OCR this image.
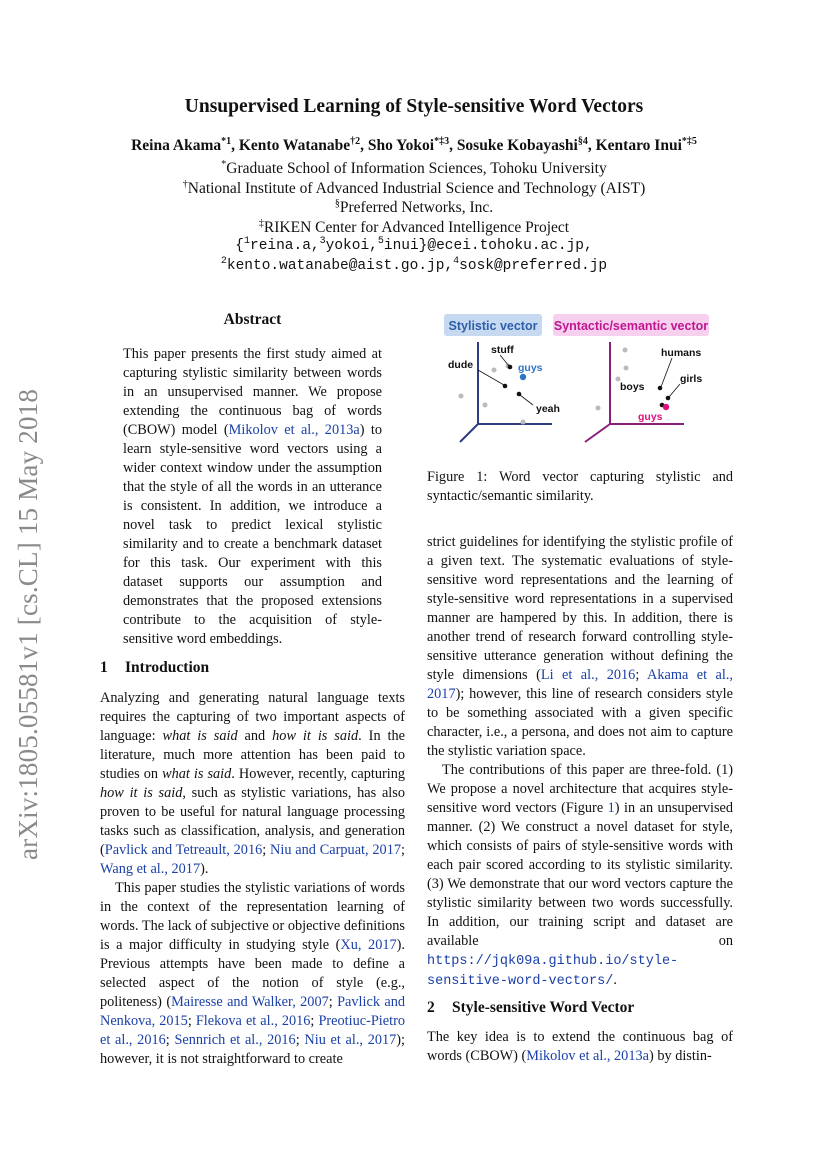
arXiv:1805.05581v1 [cs.CL] 15 May 2018
Unsupervised Learning of Style-sensitive Word Vectors
Reina Akama$^{*1}$, Kento Watanabe$^{\dagger 2}$, Sho Yokoi$^{*\ddagger 3}$, Sosuke Kobayashi$^{\S 4}$, Kentaro Inui$^{*\ddagger 5}$
*Graduate School of Information Sciences, Tohoku University
†National Institute of Advanced Industrial Science and Technology (AIST)
§Preferred Networks, Inc.
‡RIKEN Center for Advanced Intelligence Project
{$^1$reina.a,$^3$yokoi,$^5$inui}@ecei.tohoku.ac.jp,
$^2$kento.watanabe@aist.go.jp,$^4$sosk@preferred.jp
Abstract

This paper presents the first study aimed at capturing stylistic similarity between words in an unsupervised manner. We propose extending the continuous bag of words (CBOW) model (Mikolov et al., 2013a) to learn style-sensitive word vectors using a wider context window under the assumption that the style of all the words in an utterance is consistent. In addition, we introduce a novel task to predict lexical stylistic similarity and to create a benchmark dataset for this task. Our experiment with this dataset supports our assumption and demonstrates that the proposed extensions contribute to the acquisition of style-sensitive word embeddings.

1 Introduction

Analyzing and generating natural language texts requires the capturing of two important aspects of language: what is said and how it is said. In the literature, much more attention has been paid to studies on what is said. However, recently, capturing how it is said, such as stylistic variations, has also proven to be useful for natural language processing tasks such as classification, analysis, and generation (Pavlick and Tetreault, 2016; Niu and Carpuat, 2017; Wang et al., 2017).

This paper studies the stylistic variations of words in the context of the representation learning of words. The lack of subjective or objective definitions is a major difficulty in studying style (Xu, 2017). Previous attempts have been made to define a selected aspect of the notion of style (e.g., politeness) (Mairesse and Walker, 2007; Pavlick and Nenkova, 2015; Flekova et al., 2016; Preotiuc-Pietro et al., 2016; Sennrich et al., 2016; Niu et al., 2017); however, it is not straightforward to create

Stylistic vector Syntactic/semantic vector
stuff
dude	guys
yeah
humans
girls
boys
guys
Figure 1: Word vector capturing stylistic and syntactic/semantic similarity.

strict guidelines for identifying the stylistic profile of a given text. The systematic evaluations of style-sensitive word representations and the learning of style-sensitive word representations in a supervised manner are hampered by this. In addition, there is another trend of research forward controlling style-sensitive utterance generation without defining the style dimensions (Li et al., 2016; Akama et al., 2017); however, this line of research considers style to be something associated with a given specific character, i.e., a persona, and does not aim to capture the stylistic variation space.

The contributions of this paper are three-fold. (1) We propose a novel architecture that acquires style-sensitive word vectors (Figure 1) in an unsupervised manner. (2) We construct a novel dataset for style, which consists of pairs of style-sensitive words with each pair scored according to its stylistic similarity. (3) We demonstrate that our word vectors capture the stylistic similarity between two words successfully. In addition, our training script and dataset are available on https://jqk09a.github.io/style-sensitive-word-vectors/.

2 Style-sensitive Word Vector

The key idea is to extend the continuous bag of words (CBOW) (Mikolov et al., 2013a) by distin-
